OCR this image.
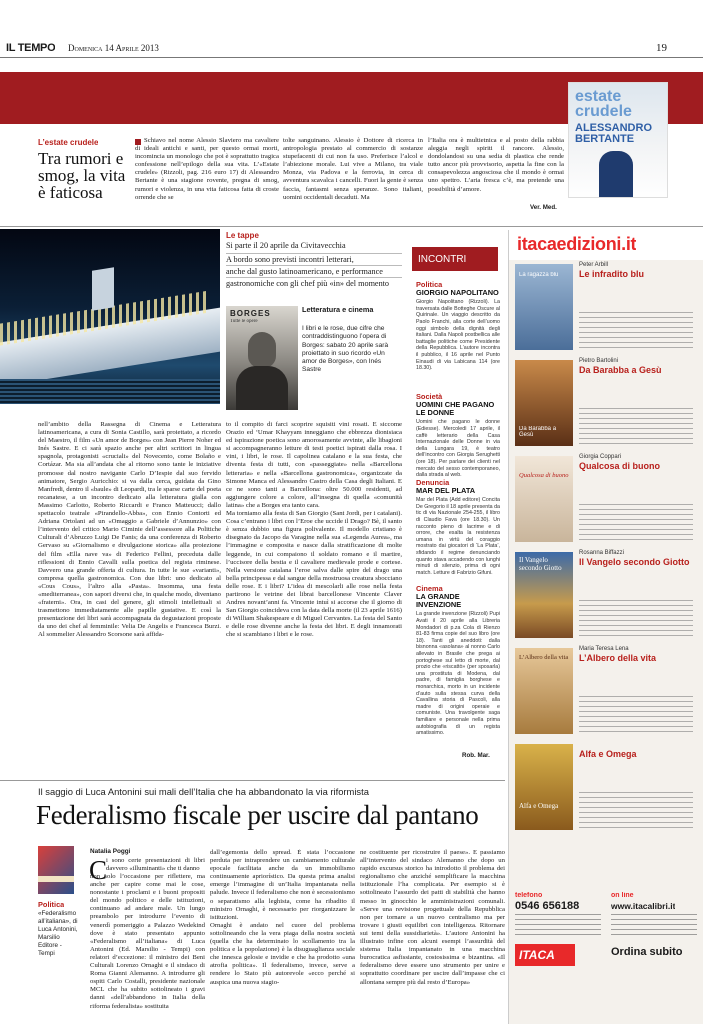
IL TEMPO Domenica 14 Aprile 2013	19
estate crudele
ALESSANDRO BERTANTE
L’estate crudele
Tra rumori e smog, la vita è faticosa
Schiavo nel nome Alessio Slaviero ma cavaliere di ideali antichi e santi, per questo ormai morti, incomincia un monologo che poi è soprattutto tragica confessione nell’epilogo della sua vita. L’«Estate crudele» (Rizzoli, pag. 216 euro 17) di Alessandro Bertante è una stagione rovente, pregna di smog, rumori e violenza, in una vita faticosa fatta di croste orrende che se
tolte sanguinano. Alessio è Dottore di ricerca in antropologia prestato al commercio di sostanze stupefacenti di cui non fa uso. Preferisce l’alcol e l’abiezione morale. Lui vive a Milano, tra viale Monza, via Padova e la ferrovia, in cerca di avventura scavalca i cancelli. Fuori la gente è senza faccia, fantasmi senza speranze. Sono italiani, uomini occidentali decaduti. Ma
l’Italia ora è multietnica e al posto della rabbia aleggia negli spiriti il rancore. Alessio, dondolandosi su una sedia di plastica che rende tutto ancor più provvisorio, aspetta la fine con la consapevolezza angosciosa che il mondo è ormai uno spettro. L’aria fresca c’è, ma pretende una possibilità d’amore.
Ver. Med.
Le tappe
Si parte il 20 aprile da Civitavecchia
A bordo sono previsti incontri letterari,
anche dal gusto latinoamericano, e performance
gastronomiche con gli chef più «in» del momento
BORGES
Tutte le opere
Letteratura e cinema
I libri e le rose, due cifre che contraddistinguono l’opera di Borges: sabato 20 aprile sarà proiettato in suo ricordo «Un amor de Borges», con Inés Sastre
nell’ambito della Rassegna di Cinema e Letteratura latinoamericana, a cura di Sonia Castillo, sarà proiettato, a ricordo del Maestro, il film «Un amor de Borges» con Jean Pierre Noher ed Inés Sastre. E ci sarà spazio anche per altri scrittori in lingua spagnola, protagonisti «cruciali» del Novecento, come Bolaño e Cortázar. Ma sia all’andata che al ritorno sono tante le iniziative promosse dal nostro navigante Carlo D’Iespie dal suo fervido animatore, Sergio Auricchio: si va dalla cerca, guidata da Gino Manfredi, dentro il «baule» di Leopardi, tra le sparse carte del poeta recanatese, a un incontro dedicato alla letteratura gialla con Massimo Carlotto, Roberto Riccardi e Franco Matteucci; dallo spettacolo teatrale «Pirandello-Abba», con Ennio Contorti ed Adriana Ortolani ad un «Omaggio a Gabriele d’Annunzio» con l’intervento del critico Mario Ciminie dell’assessore alla Politiche Culturali d’Abruzzo Luigi De Fanis; da una conferenza di Roberto Gervaso su «Giornalismo e divulgazione storica» alla proiezione del film «Ella nave va» di Federico Fellini, preceduta dalle riflessioni di Ennio Cavalli sulla poetica del regista riminese. Davvero una grande offerta di cultura. In tutte le sue «varianti», compresa quella gastronomica. Con due libri: uno dedicato al «Cous Cous», l’altro alla «Pasta». Insomma, una festa «mediterranea», con sapori diversi che, in qualche modo, diventano «fraterni». Ora, in casi del genere, gli stimoli intellettuali si trasmettono immediatamente alle papille gustative. E così la presentazione dei libri sarà accompagnata da degustazioni proposte da uno dei chef al femminile: Velia De Angelis e Francesca Burzi. Al sommelier Alessandro Scorsone sarà affida-
to il compito di farci scoprire squisiti vini rosati. E siccome Orazio ed ‘Umar Khayyam inneggiano che ebbrezza dionisiaca ed ispirazione poetica sono amorosamente avvinte, alle libagioni si accompagneranno letture di testi poetici ispirati dalla rosa. I vini, i libri, le rose. Il capolinea catalano e la sua festa, che diventa festa di tutti, con «passeggiate» nella «Barcellona letteraria» e nella «Barcellona gastronomica», organizzate da Simone Manca ed Alessandro Castro della Casa degli Italiani. E ce ne sono tanti a Barcellona: oltre 50.000 residenti, ad aggiungere colore a colore, all’insegna di quella «comunità latina» che a Borges era tanto cara.
Ma torniamo alla festa di San Giorgio (Sant Jordi, per i catalani). Cosa c’entrano i libri con l’Eroe che uccide il Drago? Bè, il santo è senza dubbio una figura polivalente. Il modello cristiano è disegnato da Jacopo da Varagine nella sua «Legenda Aurea», ma l’immagine e composita e nasce dalla stratificazione di molte leggende, in cui compaiono il soldato romano e il martire, l’uccisore della bestia e il cavaliere medievale prode e cortese. Nella versione catalana l’eroe salva dalle spire del drago una bella principessa e dal sangue della mostruosa creatura sbocciano delle rose. E i libri? L’idea di mescolarli alle rose nella festa partirono le vetrine dei librai barcellonese Vincente Claver Andres novant’anni fa. Vincente intuì si accorse che il giorno di San Giorgio coincideva con la data della morte (il 23 aprile 1616) di William Shakespeare e di Miguel Cervantes. La festa del Santo e delle rose divenne anche la festa dei libri. E degli innamorati che si scambiano i libri e le rose.
INCONTRI
Politica
GIORGIO NAPOLITANO
Giorgio Napolitano (Rizzoli). La traversata dalle Botteghe Oscure al Quirinale. Un viaggio descritto da Paolo Franchi, alla corte dell’uomo oggi simbolo della dignità degli italiani. Dalla Napoli postbellica alle battaglie politiche come Presidente della Repubblica. L’autore incontra il pubblico, il 16 aprile nel Punto Einaudi di via Labicana 114 (ore 18.30).
Società
UOMINI CHE PAGANO LE DONNE
Uomini che pagano le donne (Ediesse). Mercoledì 17 aprile, il caffè letterario della Casa Internazionale delle Donne in via della Lungara 19, è teatro dell’incontro con Giorgia Serughetti (ore 18). Per parlare dei clienti nel mercato del sesso contemporaneo, dalla strada al web.
Denuncia
MAR DEL PLATA
Mar del Plata (Add editore) Concita De Gregorio il 18 aprile presenta da tic di via Nazionale 254-255, il libro di Claudio Fava (ore 18.30). Un racconto pieno di lacrime e di orrore, che esalta la resistenza umana in virtù del coraggio mostrato dai giocatori di ‘La Plata’, sfidando il regime denunciando quanto stava accadendo con lunghi minuti di silenzio, prima di ogni match. Letture di Fabrizio Gifuni.
Cinema
LA GRANDE INVENZIONE
La grande invenzione (Rizzoli) Pupi Avati il 20 aprile alla Libreria Mondadori di p.za Cola di Rienzo 81-83 firma copie del suo libro (ore 18). Tanti gli aneddoti: dalla bisnonna «asolana» al nonno Carlo allevato in Brasile che prega ai portoghese sul letto di morte, dal prozio che «riscattò» (per sposarla) una prostituta di Modena, dal padre, di famiglia borghese e monarchica, morto in un incidente d’auto sulla stessa curva della Cavallina storia di Pascoli, alla madre di origini operaie e comuniste. Una travolgente saga familiare e personale nella prima autobiografia di un regista amatissimo.
Rob. Mar.
itacaedizioni.it
La ragazza blu
Peter Arbill
Le infradito blu
Da Barabba a Gesù
Pietro Bartolini
Da Barabba a Gesù
Qualcosa di buono
Giorgia Coppari
Qualcosa di buono
Il Vangelo secondo Giotto
Rosanna Biffazzi
Il Vangelo secondo Giotto
L’Albero della vita
Maria Teresa Lena
L’Albero della vita
Alfa e Omega
Alfa e Omega
telefono
0546 656188
on line
www.itacalibri.it
ITACA	Ordina subito
Il saggio di Luca Antonini sui mali dell’Italia che ha abbandonato la via riformista
Federalismo fiscale per uscire dal pantano
Politica
«Federalismo all’italiana», di Luca Antonini, Marsilio Editore - Tempi
Natalia Poggi
C
i sono certe presentazioni di libri davvero «illuminanti» che ti danno
non solo l’occasione per riflettere, ma anche per capire come mai le cose, nonostante i proclami e i buoni propositi del mondo politico e delle istituzioni, continuano ad andare male. Un lungo preambolo per introdurre l’evento di venerdì pomeriggio a Palazzo Wedekind dove è stato presentato appunto «Federalismo all’italiana» di Luca Antonini (Ed. Marsilio - Tempi) con relatori d’eccezione: il ministro dei Beni Culturali Lorenzo Ornaghi e il sindaco di Roma Gianni Alemanno. A introdurre gli ospiti Carlo Costalli, presidente nazionale MCL che ha subito sottolineato i gravi danni «dell’abbandono in Italia della riforma federalista» sostituita
dall’egemonia dello spread. È stata l’occasione perduta per intraprendere un cambiamento culturale epocale facilitata anche da un immobilismo continuamente apriorístico. Da questa prima analisi emerge l’immagine di un’Italia impantanata nella palude. Invece il federalismo che non è secessionismo o separatismo alla leghista, come ha ribadito il ministro Ornaghi, è necessario per riorganizzare le istituzioni.
Ornaghi è andato nel cuore del problema sottolineando che la vera piaga della nostra società (quella che ha determinato lo scollamento tra la politica e la popolazione) è la disuguaglianza sociale che innesca gelosie e invidie e che ha prodotto «una atrofia politica». Il federalismo, invece, serve a rendere lo Stato più autorevole «ecco perché si auspica una nuova stagio-
ne costituente per ricostruire il paese». E passiamo all’intervento del sindaco Alemanno che dopo un rapido excursus storico ha introdotto il problema dei regionalismo che anziché semplificare la macchina istituzionale l’ha complicata. Per esempio si è sottolineato l’assurdo dei patti di stabilità che hanno messo in ginocchio le amministrazioni comunali. «Serve una revisione progettuale della Repubblica non per tornare a un nuovo centralismo ma per trovare i giusti equilibri con intelligenza. Ritornare sui temi della sussidiarietà». L’autore Antonini ha illustrato infine con alcuni esempi l’assurdità del sistema Italia impantanato in una macchina burocratica asfissiante, costosissima e bizantina. «Il federalismo deve essere uno strumento per unire e soprattutto coordinare per uscire dall’impasse che ci allontana sempre più dal resto d’Europa»
